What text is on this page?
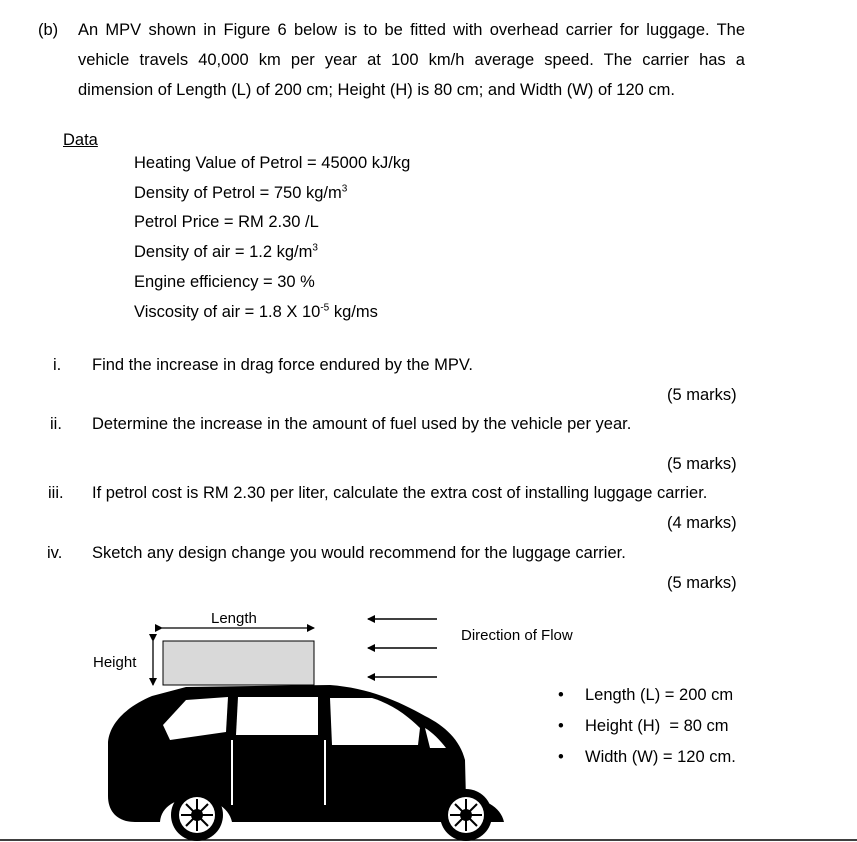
(b) An MPV shown in Figure 6 below is to be fitted with overhead carrier for luggage. The
vehicle travels 40,000 km per year at 100 km/h average speed. The carrier has a
dimension of Length (L) of 200 cm; Height (H) is 80 cm; and Width (W) of 120 cm.
Data
Heating Value of Petrol = 45000 kJ/kg
Density of Petrol = 750 $kg/m^3$
Petrol Price = RM 2.30 /L
Density of air = 1.2 $kg/m^3$
Engine efficiency = 30 %
Viscosity of air = 1.8 X $10^{-5}$ kg/ms
i. Find the increase in drag force endured by the MPV.
(5 marks)
ii. Determine the increase in the amount of fuel used by the vehicle per year.
(5 marks)
iii. If petrol cost is RM 2.30 per liter, calculate the extra cost of installing luggage carrier.
(4 marks)
iv. Sketch any design change you would recommend for the luggage carrier.
(5 marks)
Length
Height
Direction of Flow
• Length (L) = 200 cm
• Height (H)  = 80 cm
• Width (W) = 120 cm.
